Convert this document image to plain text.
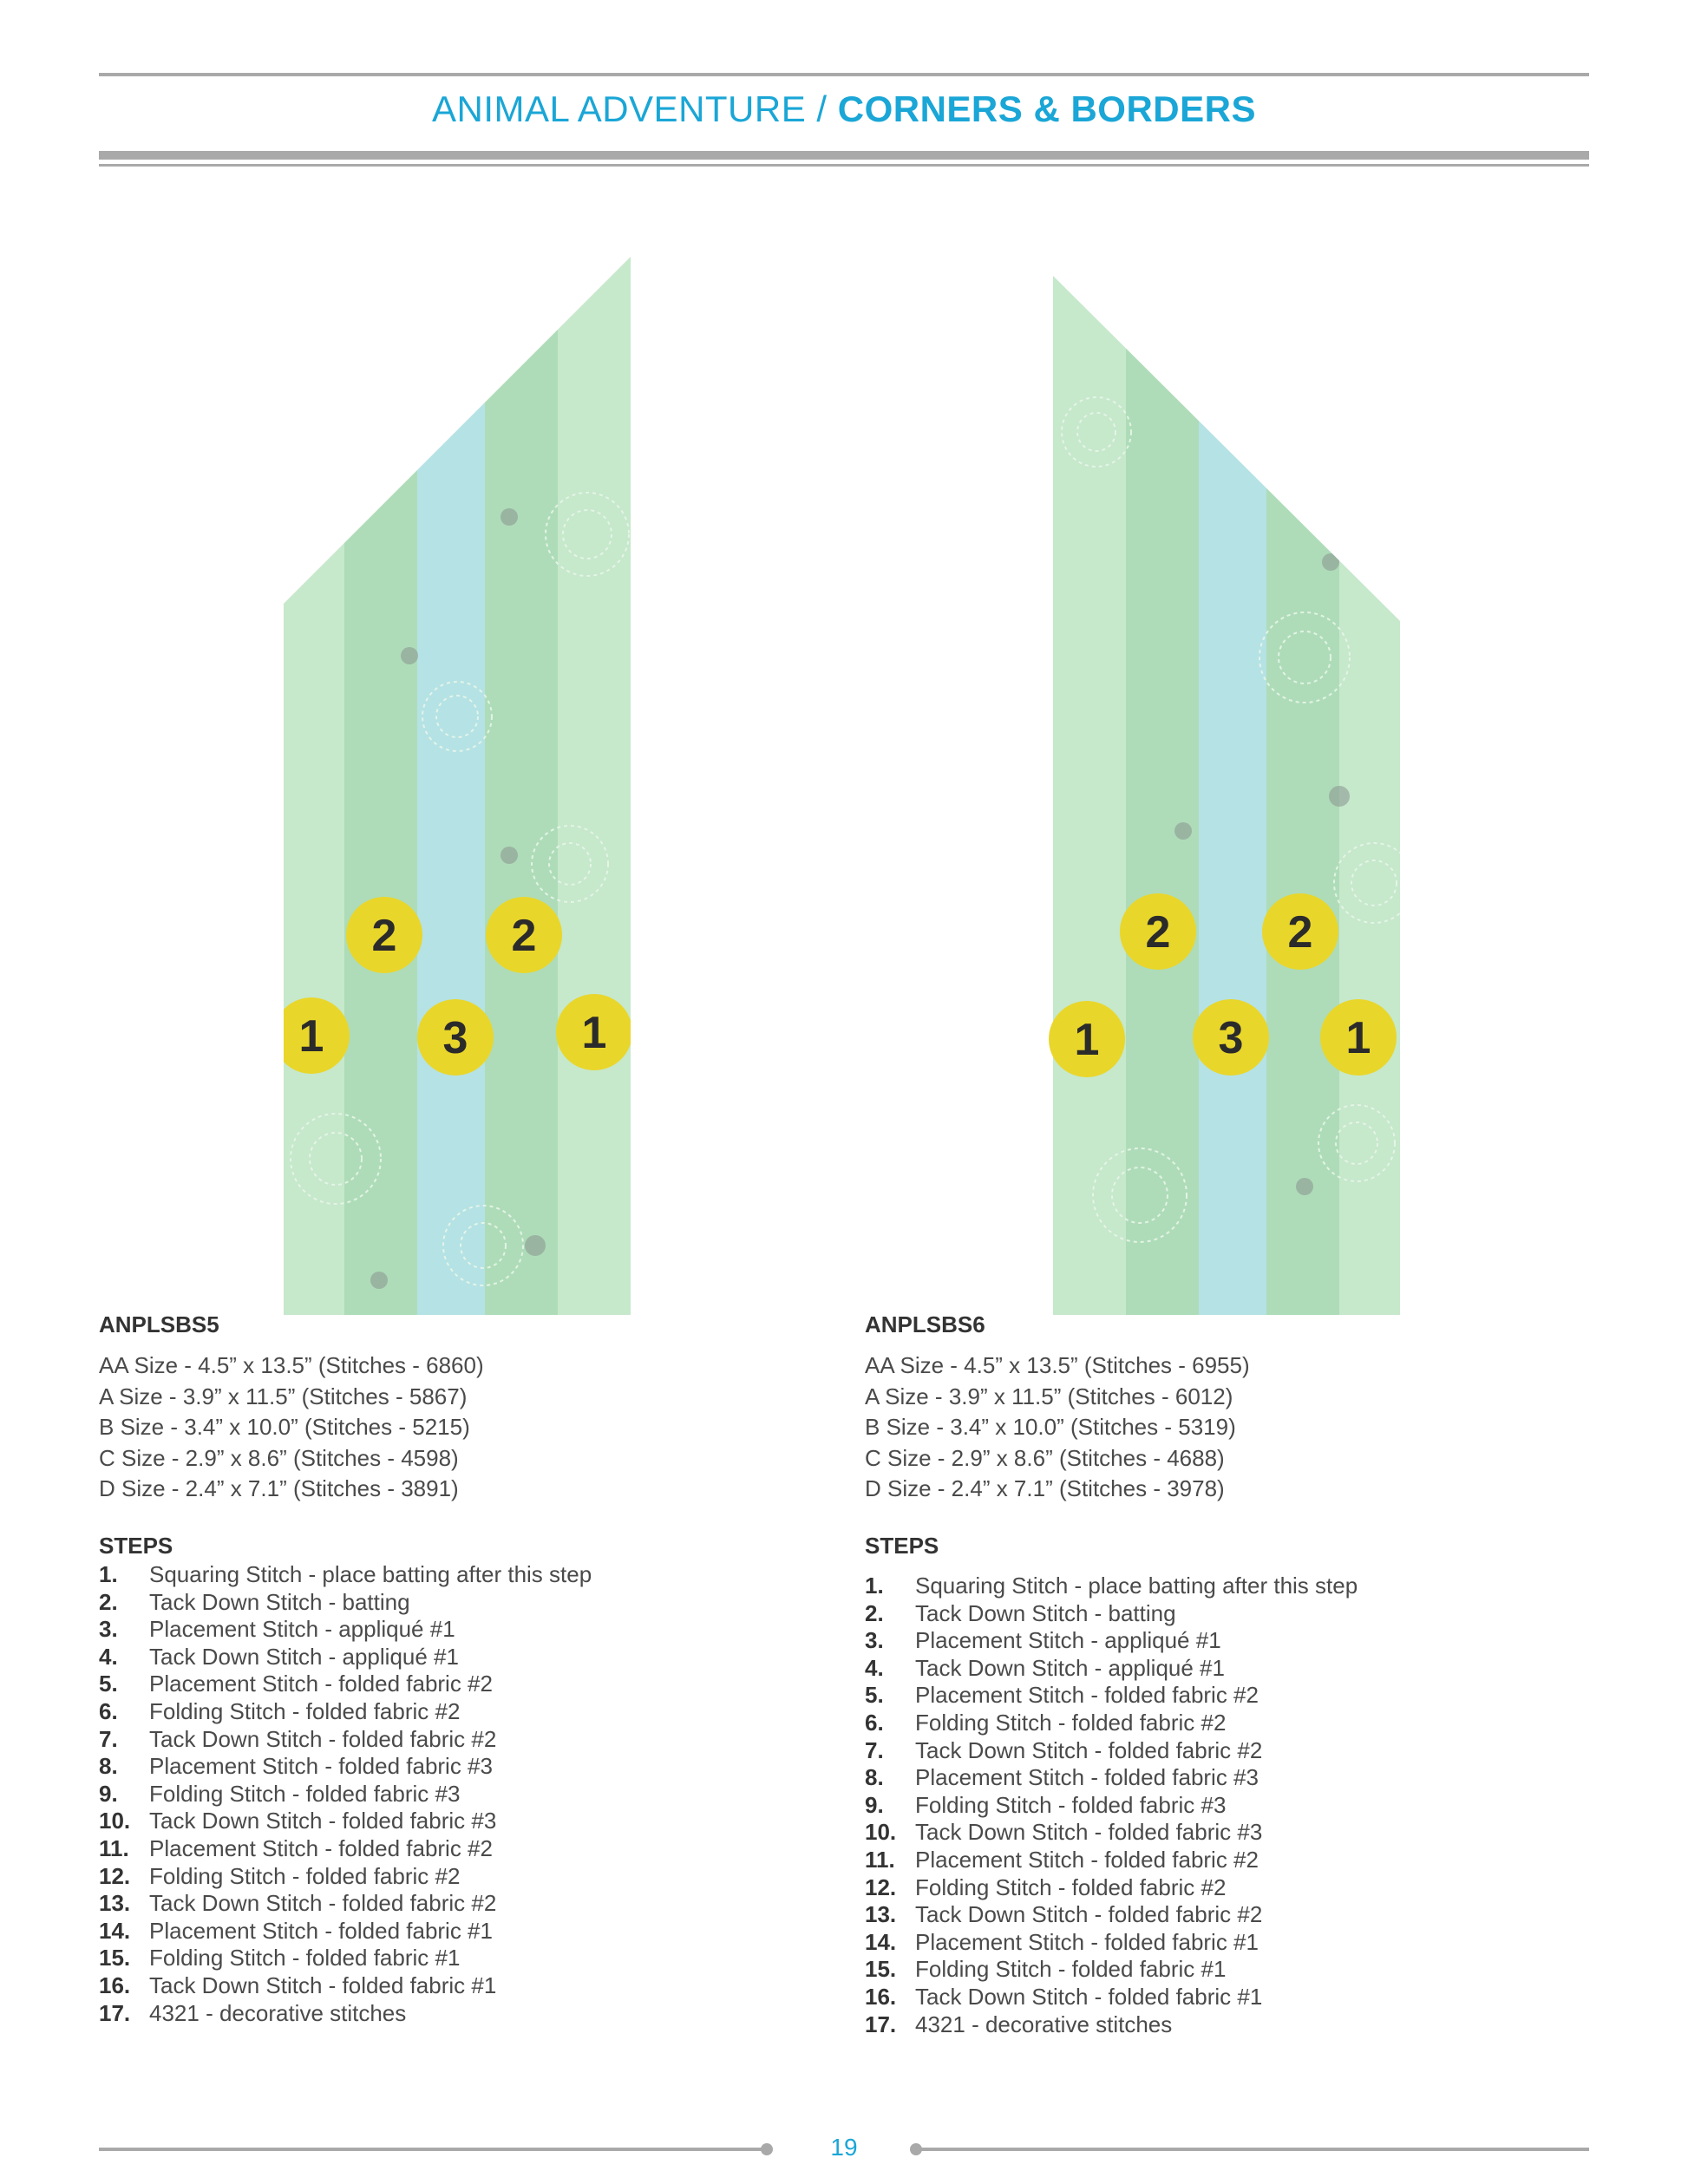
ANIMAL ADVENTURE / CORNERS & BORDERS
2	2
1	3	1
2	2
1	3 1
ANPLSBS5
AA Size - 4.5” x 13.5” (Stitches - 6860)
A Size - 3.9” x 11.5” (Stitches - 5867)
B Size - 3.4” x 10.0” (Stitches - 5215)
C Size - 2.9” x 8.6” (Stitches - 4598)
D Size - 2.4” x 7.1” (Stitches - 3891)
STEPS
1.	Squaring Stitch - place batting after this step
2.	Tack Down Stitch - batting
3.	Placement Stitch - appliqué #1
4.	Tack Down Stitch - appliqué #1
5.	Placement Stitch - folded fabric #2
6.	Folding Stitch - folded fabric #2
7.	Tack Down Stitch - folded fabric #2
8.	Placement Stitch - folded fabric #3
9.	Folding Stitch - folded fabric #3
10. Tack Down Stitch - folded fabric #3
11. Placement Stitch - folded fabric #2
12. Folding Stitch - folded fabric #2
13. Tack Down Stitch - folded fabric #2
14. Placement Stitch - folded fabric #1
15. Folding Stitch - folded fabric #1
16. Tack Down Stitch - folded fabric #1
17. 4321 - decorative stitches
ANPLSBS6
AA Size - 4.5” x 13.5” (Stitches - 6955)
A Size - 3.9” x 11.5” (Stitches - 6012)
B Size - 3.4” x 10.0” (Stitches - 5319)
C Size - 2.9” x 8.6” (Stitches - 4688)
D Size - 2.4” x 7.1” (Stitches - 3978)
STEPS
1.	Squaring Stitch - place batting after this step
2.	Tack Down Stitch - batting
3.	Placement Stitch - appliqué #1
4.	Tack Down Stitch - appliqué #1
5.	Placement Stitch - folded fabric #2
6.	Folding Stitch - folded fabric #2
7.	Tack Down Stitch - folded fabric #2
8.	Placement Stitch - folded fabric #3
9.	Folding Stitch - folded fabric #3
10. Tack Down Stitch - folded fabric #3
11. Placement Stitch - folded fabric #2
12. Folding Stitch - folded fabric #2
13. Tack Down Stitch - folded fabric #2
14. Placement Stitch - folded fabric #1
15. Folding Stitch - folded fabric #1
16. Tack Down Stitch - folded fabric #1
17. 4321 - decorative stitches
19
